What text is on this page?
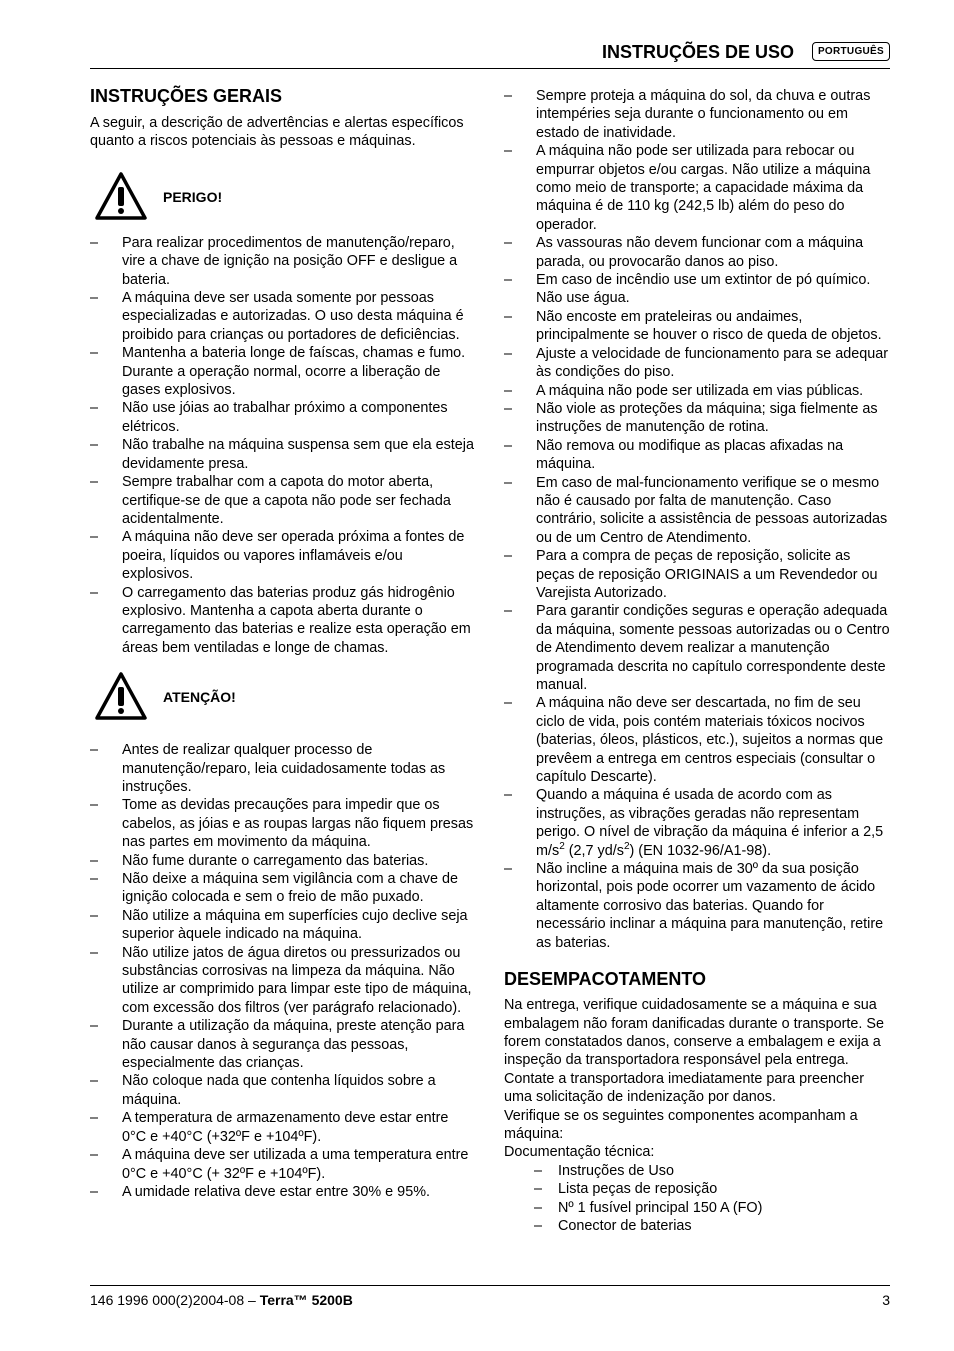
INSTRUÇÕES DE USO	PORTUGUÊS
INSTRUÇÕES GERAIS

A seguir, a descrição de advertências e alertas específicos quanto a riscos potenciais às pessoas e máquinas.

PERIGO!
– Para realizar procedimentos de manutenção/reparo, vire a chave de ignição na posição OFF e desligue a bateria.
– A máquina deve ser usada somente por pessoas especializadas e autorizadas. O uso desta máquina é proibido para crianças ou portadores de deficiências.
– Mantenha a bateria longe de faíscas, chamas e fumo. Durante a operação normal, ocorre a liberação de gases explosivos.
– Não use jóias ao trabalhar próximo a componentes elétricos.
– Não trabalhe na máquina suspensa sem que ela esteja devidamente presa.
– Sempre trabalhar com a capota do motor aberta, certifique-se de que a capota não pode ser fechada acidentalmente.
– A máquina não deve ser operada próxima a fontes de poeira, líquidos ou vapores inflamáveis e/ou explosivos.
– O carregamento das baterias produz gás hidrogênio explosivo. Mantenha a capota aberta durante o carregamento das baterias e realize esta operação em áreas bem ventiladas e longe de chamas.
ATENÇÃO!
– Antes de realizar qualquer processo de manutenção/reparo, leia cuidadosamente todas as instruções.
– Tome as devidas precauções para impedir que os cabelos, as jóias e as roupas largas não fiquem presas nas partes em movimento da máquina.
– Não fume durante o carregamento das baterias.
– Não deixe a máquina sem vigilância com a chave de ignição colocada e sem o freio de mão puxado.
– Não utilize a máquina em superfícies cujo declive seja superior àquele indicado na máquina.
– Não utilize jatos de água diretos ou pressurizados ou substâncias corrosivas na limpeza da máquina. Não utilize ar comprimido para limpar este tipo de máquina, com excessão dos filtros (ver parágrafo relacionado).
– Durante a utilização da máquina, preste atenção para não causar danos à segurança das pessoas, especialmente das crianças.
– Não coloque nada que contenha líquidos sobre a máquina.
– A temperatura de armazenamento deve estar entre 0°C e +40°C (+32ºF e +104ºF).
– A máquina deve ser utilizada a uma temperatura entre 0°C e +40°C (+ 32ºF e +104ºF).
– A umidade relativa deve estar entre 30% e 95%.
– Sempre proteja a máquina do sol, da chuva e outras intempéries seja durante o funcionamento ou em estado de inatividade.
– A máquina não pode ser utilizada para rebocar ou empurrar objetos e/ou cargas. Não utilize a máquina como meio de transporte; a capacidade máxima da máquina é de 110 kg (242,5 lb) além do peso do operador.
– As vassouras não devem funcionar com a máquina parada, ou provocarão danos ao piso.
– Em caso de incêndio use um extintor de pó químico. Não use água.
– Não encoste em prateleiras ou andaimes, principalmente se houver o risco de queda de objetos.
– Ajuste a velocidade de funcionamento para se adequar às condições do piso.
– A máquina não pode ser utilizada em vias públicas.
– Não viole as proteções da máquina; siga fielmente as instruções de manutenção de rotina.
– Não remova ou modifique as placas afixadas na máquina.
– Em caso de mal-funcionamento verifique se o mesmo não é causado por falta de manutenção. Caso contrário, solicite a assistência de pessoas autorizadas ou de um Centro de Atendimento.
– Para a compra de peças de reposição, solicite as peças de reposição ORIGINAIS a um Revendedor ou Varejista Autorizado.
– Para garantir condições seguras e operação adequada da máquina, somente pessoas autorizadas ou o Centro de Atendimento devem realizar a manutenção programada descrita no capítulo correspondente deste manual.
– A máquina não deve ser descartada, no fim de seu ciclo de vida, pois contém materiais tóxicos nocivos (baterias, óleos, plásticos, etc.), sujeitos a normas que prevêem a entrega em centros especiais (consultar o capítulo Descarte).
– Quando a máquina é usada de acordo com as instruções, as vibrações geradas não representam perigo. O nível de vibração da máquina é inferior a 2,5 $m/s^2$ (2,7 $yd/s^2$) (EN 1032-96/A1-98).
– Não incline a máquina mais de 30º da sua posição horizontal, pois pode ocorrer um vazamento de ácido altamente corrosivo das baterias. Quando for necessário inclinar a máquina para manutenção, retire as baterias.
DESEMPACOTAMENTO

Na entrega, verifique cuidadosamente se a máquina e sua embalagem não foram danificadas durante o transporte. Se forem constatados danos, conserve a embalagem e exija a inspeção da transportadora responsável pela entrega. Contate a transportadora imediatamente para preencher uma solicitação de indenização por danos.

Verifique se os seguintes componentes acompanham a máquina:

Documentação técnica:

– Instruções de Uso
– Lista peças de reposição
– Nº 1 fusível principal 150 A (FO)
– Conector de baterias
146 1996 000(2)2004-08 – Terra™ 5200B	3
